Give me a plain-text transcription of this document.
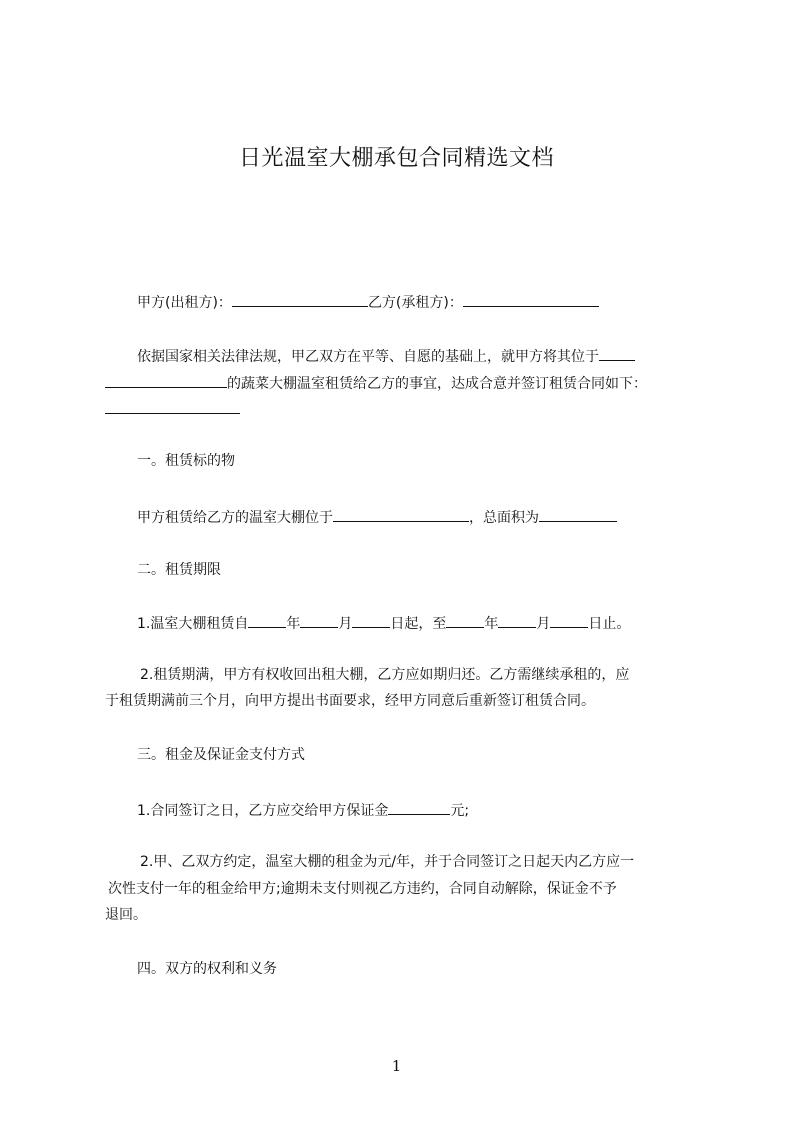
日光温室大棚承包合同精选文档

甲方(出租方)：	乙方(承租方)：

依据国家相关法律法规，甲乙双方在平等、自愿的基础上，就甲方将其位于

的蔬菜大棚温室租赁给乙方的事宜，达成合意并签订租赁合同如下：

一。租赁标的物

甲方租赁给乙方的温室大棚位于	，总面积为

二。租赁期限

1.温室大棚租赁自	年	月	日起，至	年	月	日止。

2.租赁期满，甲方有权收回出租大棚，乙方应如期归还。乙方需继续承租的，应

于租赁期满前三个月，向甲方提出书面要求，经甲方同意后重新签订租赁合同。

三。租金及保证金支付方式

1.合同签订之日，乙方应交给甲方保证金	元;

2.甲、乙双方约定，温室大棚的租金为元/年，并于合同签订之日起天内乙方应一

次性支付一年的租金给甲方;逾期未支付则视乙方违约，合同自动解除，保证金不予

退回。

四。双方的权利和义务

1
